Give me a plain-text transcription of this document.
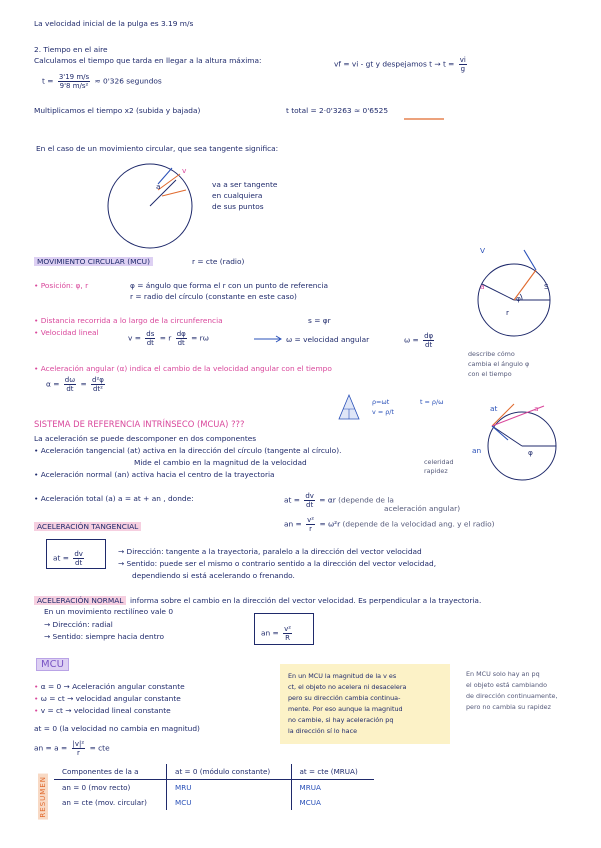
La velocidad inicial de la pulga es 3.19 m/s
2. Tiempo en el aire
Calculamos el tiempo que tarda en llegar a la altura máxima:	vf = vi - gt y despejamos $t \to t = \frac{vi}{g}$
$t = \frac{3'19 m/s}{\text{9'8 m/s²}} \approx 0'326$ segundos
Multiplicamos el tiempo x2 (subida y bajada)	t total = 2·0'3263 ≈ 0'6525
En el caso de un movimiento circular, que sea tangente significa:
v
a	va a ser tangente
en cualquiera
de sus puntos
MOVIMIENTO CIRCULAR (MCU)	r = cte (radio)
• Posición: φ, r	φ = ángulo que forma el r con un punto de referencia
r = radio del círculo (constante en este caso)
• Distancia recorrida a lo largo de la circunferencia	s = φr
• Velocidad lineal
$v = \frac{ds}{dt} = r \frac{d\varphi}{dt} = r\omega$	ω = velocidad angular	$\omega = \frac{d\varphi}{dt}$
• Aceleración angular (α) indica el cambio de la velocidad angular con el tiempo
$\alpha = \frac{d\omega}{dt} = \frac{\text{d²φ}}{\text{dt²}}$
describe cómo
cambia el ángulo φ
con el tiempo
V
a
φ
S
r
ρ=ωt
v = ρ/t
t = ρ/ω
SISTEMA DE REFERENCIA INTRÍNSECO (MCUA) ???
La aceleración se puede descomponer en dos componentes
• Aceleración tangencial (at) activa en la dirección del círculo (tangente al círculo).
Mide el cambio en la magnitud de la velocidad	celeridad
rapidez
• Aceleración normal (an) activa hacia el centro de la trayectoria
• Aceleración total (a) a = at + an , donde:	at = $\frac{dv}{dt} = \alpha r$ (depende de la
aceleración angular)
an = $\frac{\text{v²}}{r} = \omega^2r$ (depende de la velocidad ang. y el radio)
a
at
an	φ
ACELERACIÓN TANGENCIAL
at = $\frac{dv}{dt}$	→ Dirección: tangente a la trayectoria, paralelo a la dirección del vector velocidad
→ Sentido: puede ser el mismo o contrario sentido a la dirección del vector velocidad,
dependiendo si está acelerando o frenando.
ACELERACIÓN NORMAL informa sobre el cambio en la dirección del vector velocidad. Es perpendicular a la trayectoria.
En un movimiento rectilíneo vale 0
→ Dirección: radial
→ Sentido: siempre hacia dentro	an = $\frac{\text{v²}}{R}$
MCU
• α = 0 → Aceleración angular constante
• ω = ct → velocidad angular constante
• v = ct → velocidad lineal constante
at = 0 (la velocidad no cambia en magnitud)
an = $a = \frac{\text{|v|²}}{r}$ = cte
En un MCU la magnitud de la v es
ct, el objeto no acelera ni desacelera
pero su dirección cambia continua-
mente. Por eso aunque la magnitud
no cambie, si hay aceleración pq
la dirección sí lo hace
En MCU solo hay an pq
el objeto está cambiando
de dirección continuamente,
pero no cambia su rapidez
RESUMEN
Componentes de la a	at = 0 (módulo constante)	at = cte (MRUA)
an = 0 (mov recto)	MRU	MRUA
an = cte (mov. circular)	MCU	MCUA
